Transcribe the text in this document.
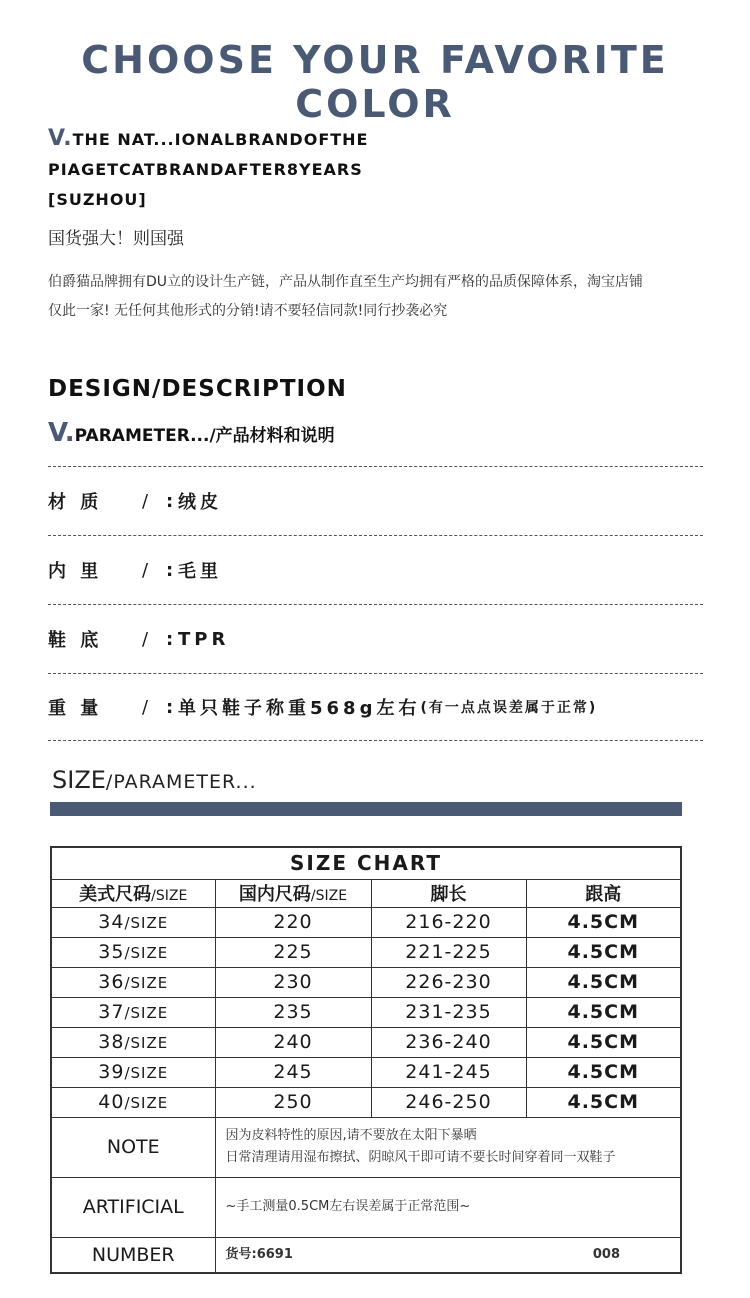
CHOOSE YOUR FAVORITE COLOR
V.THE NAT...IONALBRANDOFTHE
PIAGETCATBRANDAFTER8YEARS
[SUZHOU]
国货强大！则国强
伯爵猫品牌拥有DU立的设计生产链，产品从制作直至生产均拥有严格的品质保障体系，淘宝店铺
仅此一家! 无任何其他形式的分销!请不要轻信同款!同行抄袭必究
DESIGN/DESCRIPTION
V.PARAMETER.../产品材料和说明
材 质	/ : 绒皮
内 里	/ : 毛里
鞋 底	/ : TPR
重 量	/ : 单只鞋子称重568g左右 (有一点点误差属于正常)
SIZE/PARAMETER...
SIZE CHART			
美式尺码/SIZE	国内尺码/SIZE	脚长	跟高
34/SIZE	220	216-220	4.5CM
35/SIZE	225	221-225	4.5CM
36/SIZE	230	226-230	4.5CM
37/SIZE	235	231-235	4.5CM
38/SIZE	240	236-240	4.5CM
39/SIZE	245	241-245	4.5CM
40/SIZE	250	246-250	4.5CM
NOTE	因为皮料特性的原因,请不要放在太阳下暴晒
日常清理请用湿布擦拭、阴晾风干即可请不要长时间穿着同一双鞋子		

ARTIFICIAL	~手工测量0.5CM左右误差属于正常范围~		
NUMBER	货号:6691 008		
